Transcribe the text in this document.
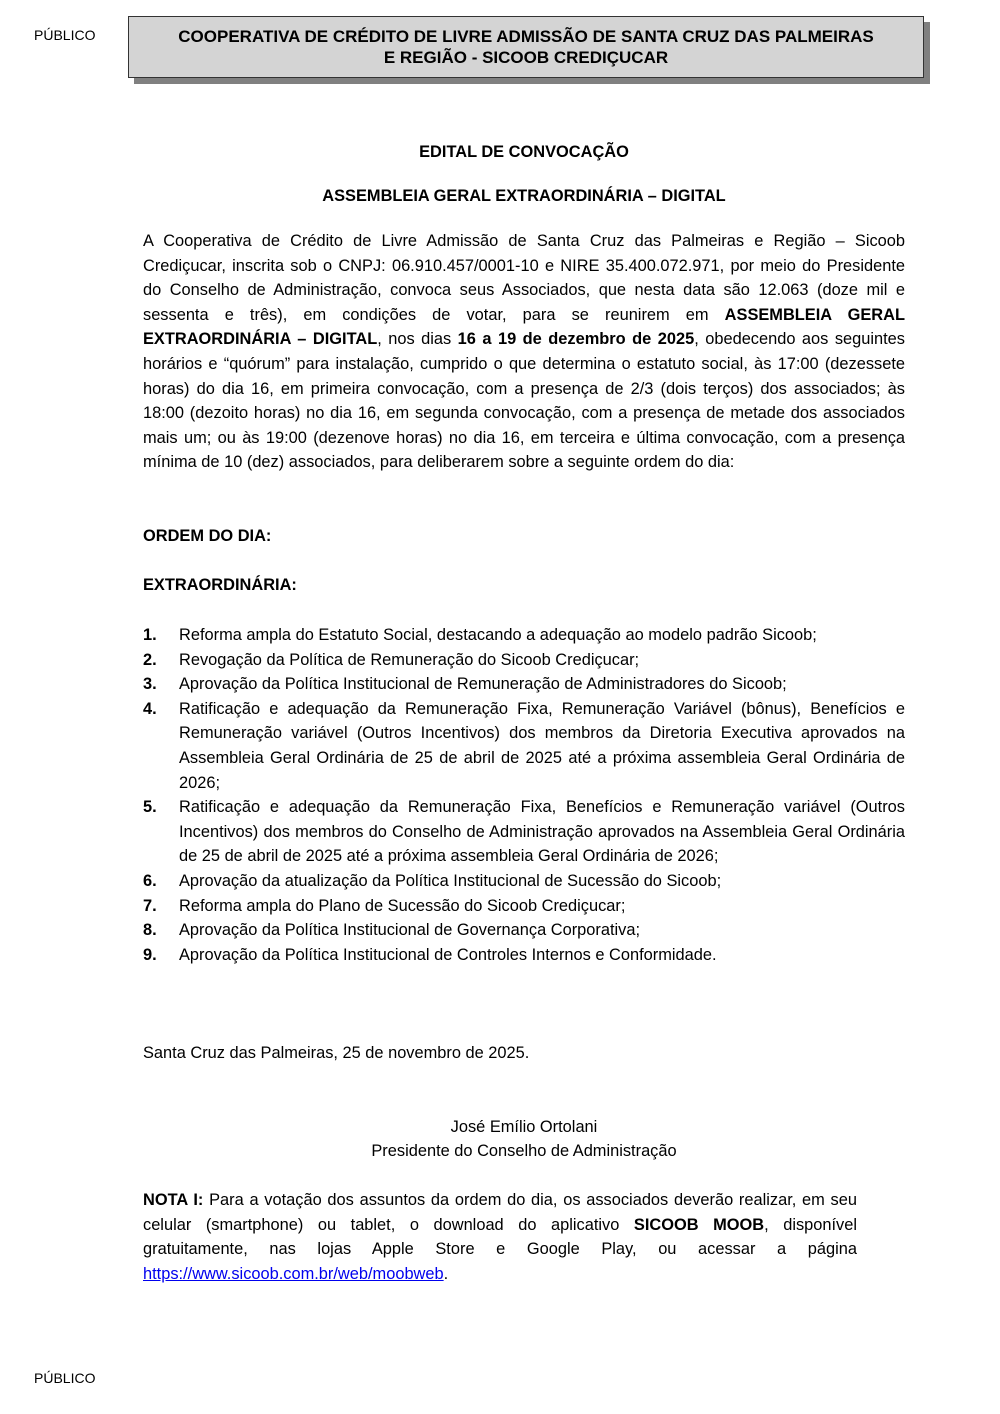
PÚBLICO	COOPERATIVA DE CRÉDITO DE LIVRE ADMISSÃO DE SANTA CRUZ DAS PALMEIRAS
E REGIÃO - SICOOB CREDIÇUCAR
EDITAL DE CONVOCAÇÃO
ASSEMBLEIA GERAL EXTRAORDINÁRIA – DIGITAL
A Cooperativa de Crédito de Livre Admissão de Santa Cruz das Palmeiras e Região – Sicoob Crediçucar, inscrita sob o CNPJ: 06.910.457/0001-10 e NIRE 35.400.072.971, por meio do Presidente do Conselho de Administração, convoca seus Associados, que nesta data são 12.063 (doze mil e sessenta e três), em condições de votar, para se reunirem em ASSEMBLEIA GERAL EXTRAORDINÁRIA – DIGITAL, nos dias 16 a 19 de dezembro de 2025, obedecendo aos seguintes horários e “quórum” para instalação, cumprido o que determina o estatuto social, às 17:00 (dezessete horas) do dia 16, em primeira convocação, com a presença de 2/3 (dois terços) dos associados; às 18:00 (dezoito horas) no dia 16, em segunda convocação, com a presença de metade dos associados mais um; ou às 19:00 (dezenove horas) no dia 16, em terceira e última convocação, com a presença mínima de 10 (dez) associados, para deliberarem sobre a seguinte ordem do dia:
ORDEM DO DIA:
EXTRAORDINÁRIA:
1. Reforma ampla do Estatuto Social, destacando a adequação ao modelo padrão Sicoob;
2. Revogação da Política de Remuneração do Sicoob Crediçucar;
3. Aprovação da Política Institucional de Remuneração de Administradores do Sicoob;
4. Ratificação e adequação da Remuneração Fixa, Remuneração Variável (bônus), Benefícios e Remuneração variável (Outros Incentivos) dos membros da Diretoria Executiva aprovados na Assembleia Geral Ordinária de 25 de abril de 2025 até a próxima assembleia Geral Ordinária de 2026;
5. Ratificação e adequação da Remuneração Fixa, Benefícios e Remuneração variável (Outros Incentivos) dos membros do Conselho de Administração aprovados na Assembleia Geral Ordinária de 25 de abril de 2025 até a próxima assembleia Geral Ordinária de 2026;
6. Aprovação da atualização da Política Institucional de Sucessão do Sicoob;
7. Reforma ampla do Plano de Sucessão do Sicoob Crediçucar;
8. Aprovação da Política Institucional de Governança Corporativa;
9. Aprovação da Política Institucional de Controles Internos e Conformidade.
Santa Cruz das Palmeiras, 25 de novembro de 2025.
José Emílio Ortolani
Presidente do Conselho de Administração
NOTA I: Para a votação dos assuntos da ordem do dia, os associados deverão realizar, em seu celular (smartphone) ou tablet, o download do aplicativo SICOOB MOOB, disponível gratuitamente, nas lojas Apple Store e Google Play, ou acessar a página https://www.sicoob.com.br/web/moobweb.
PÚBLICO
